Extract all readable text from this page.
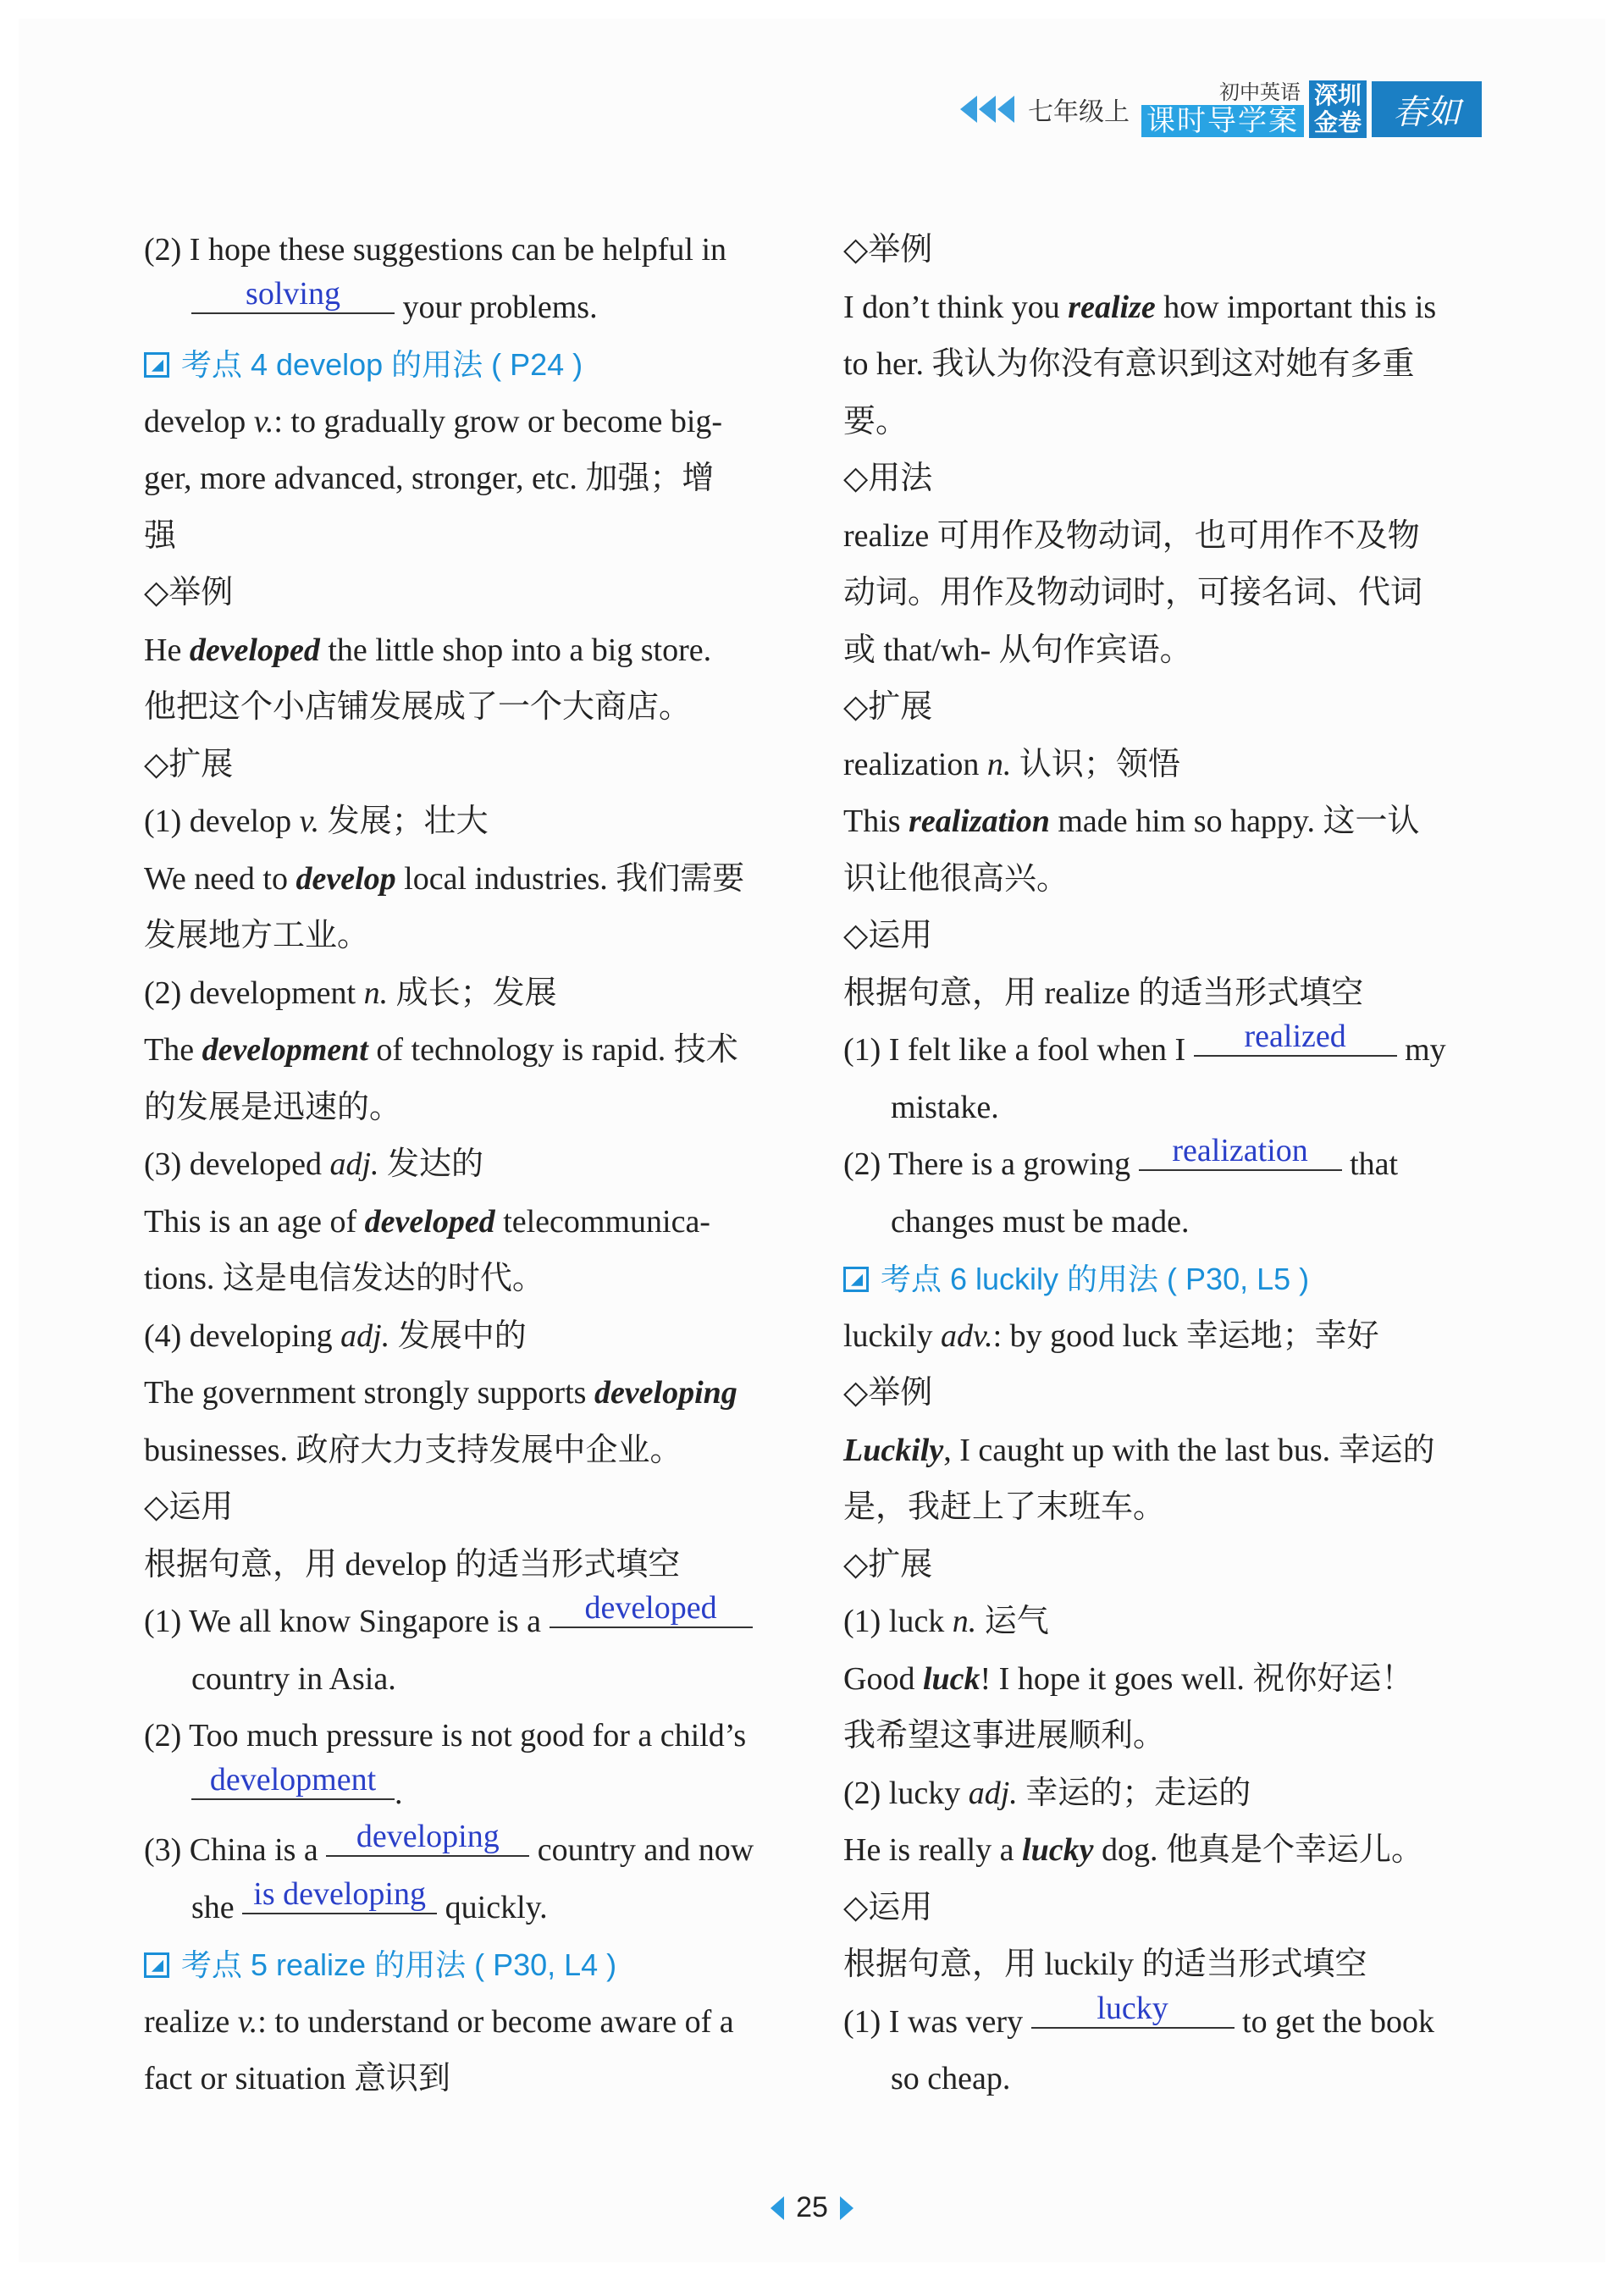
七年级上
初中英语
课时导学案
深圳
金卷 春如
(2) I hope these suggestions can be helpful in
solving your problems.
考点 4 develop 的用法 ( P24 )
develop v.: to gradually grow or become big-
ger, more advanced, stronger, etc. 加强；增
强
◇举例
He developed the little shop into a big store.
他把这个小店铺发展成了一个大商店。
◇扩展
(1) develop v. 发展；壮大
We need to develop local industries. 我们需要
发展地方工业。
(2) development n. 成长；发展
The development of technology is rapid. 技术
的发展是迅速的。
(3) developed adj. 发达的
This is an age of developed telecommunica-
tions. 这是电信发达的时代。
(4) developing adj. 发展中的
The government strongly supports developing
businesses. 政府大力支持发展中企业。
◇运用
根据句意，用 develop 的适当形式填空
(1) We all know Singapore is a developed
country in Asia.
(2) Too much pressure is not good for a child’s
development .
(3) China is a developing country and now
she is developing quickly.
考点 5 realize 的用法 ( P30, L4 )
realize v.: to understand or become aware of a
fact or situation 意识到
◇举例
I don’t think you realize how important this is
to her. 我认为你没有意识到这对她有多重
要。
◇用法
realize 可用作及物动词，也可用作不及物
动词。用作及物动词时，可接名词、代词
或 that/wh- 从句作宾语。
◇扩展
realization n. 认识；领悟
This realization made him so happy. 这一认
识让他很高兴。
◇运用
根据句意，用 realize 的适当形式填空
(1) I felt like a fool when I realized my
mistake.
(2) There is a growing realization that
changes must be made.
考点 6 luckily 的用法 ( P30, L5 )
luckily adv.: by good luck 幸运地；幸好
◇举例
Luckily, I caught up with the last bus. 幸运的
是，我赶上了末班车。
◇扩展
(1) luck n. 运气
Good luck! I hope it goes well. 祝你好运！
我希望这事进展顺利。
(2) lucky adj. 幸运的；走运的
He is really a lucky dog. 他真是个幸运儿。
◇运用
根据句意，用 luckily 的适当形式填空
(1) I was very lucky to get the book
so cheap.
25
